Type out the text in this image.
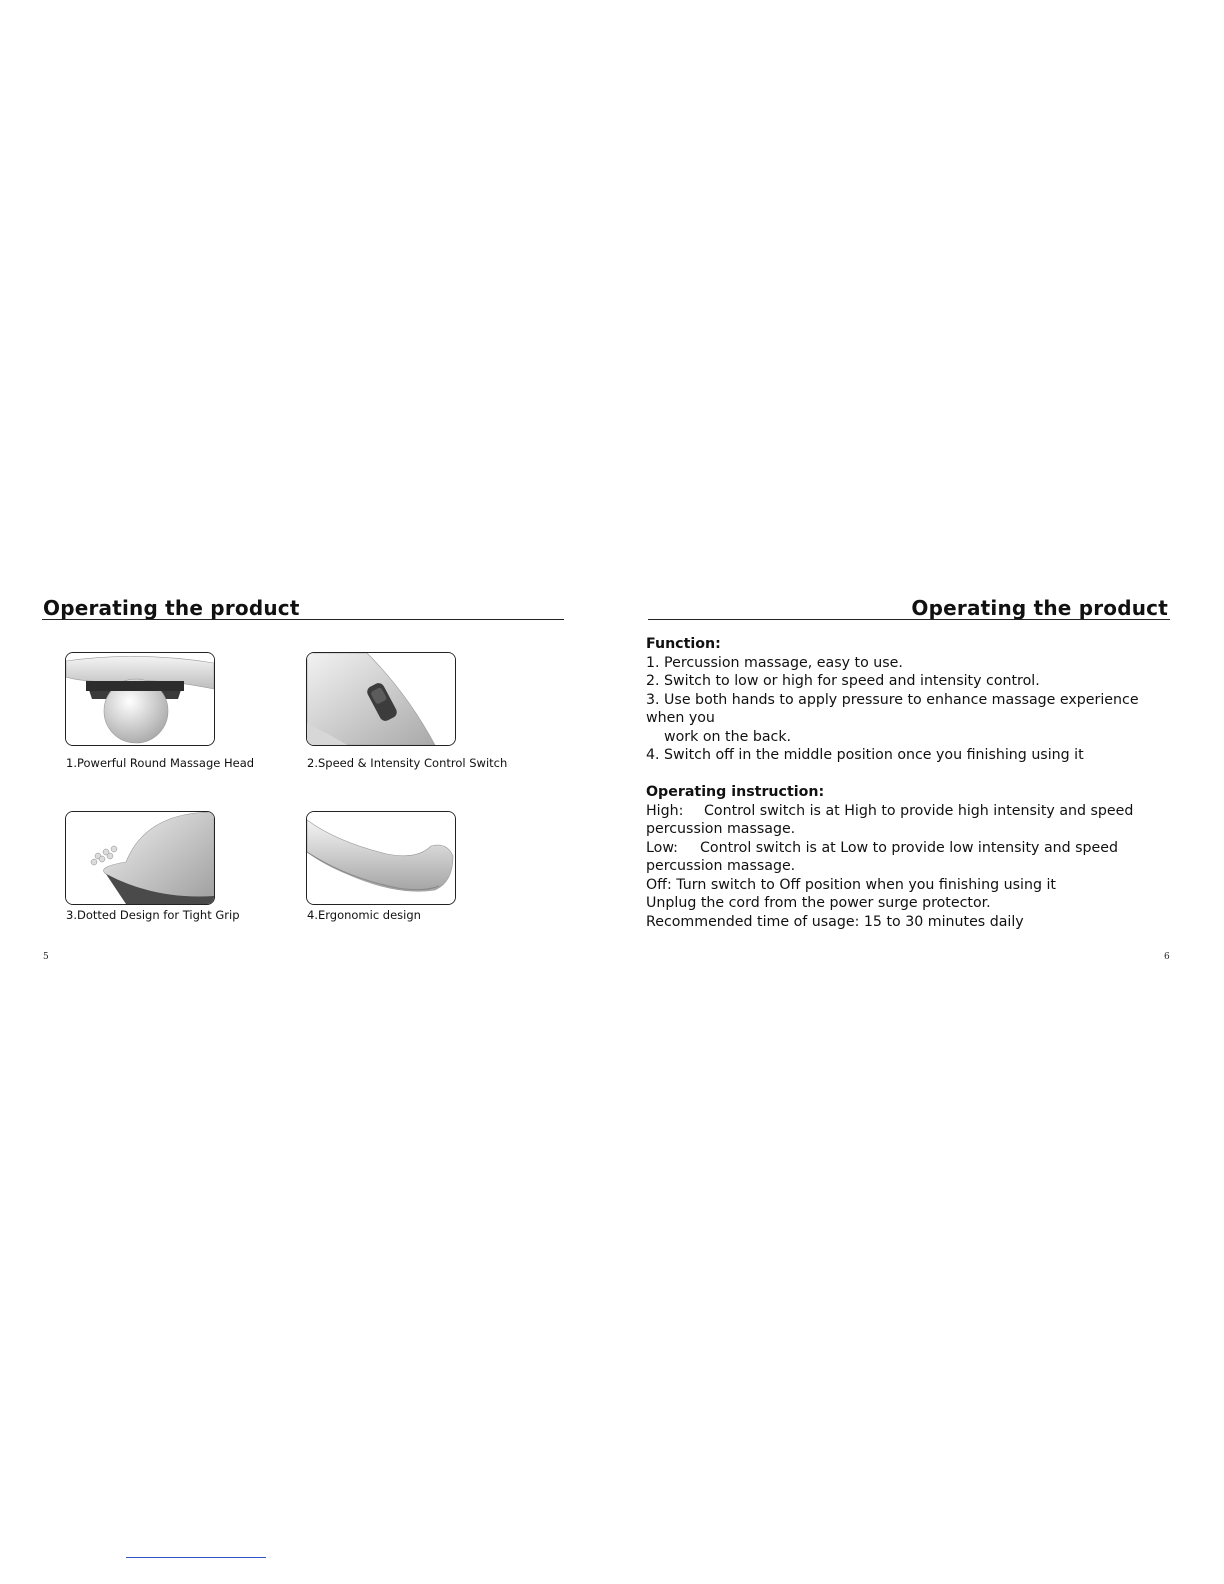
Operating the product
1.Powerful Round Massage Head	2.Speed & Intensity Control Switch
3.Dotted Design for Tight Grip	4.Ergonomic design
5
Operating the product
Function:
1. Percussion massage, easy to use.
2. Switch to low or high for speed and intensity control.
3. Use both hands to apply pressure to enhance massage experience
when you
work on the back.
4. Switch off in the middle position once you finishing using it
Operating instruction:
High: Control switch is at High to provide high intensity and speed
percussion massage.
Low: Control switch is at Low to provide low intensity and speed
percussion massage.
Off: Turn switch to Off position when you finishing using it
Unplug the cord from the power surge protector.
Recommended time of usage: 15 to 30 minutes daily
6
